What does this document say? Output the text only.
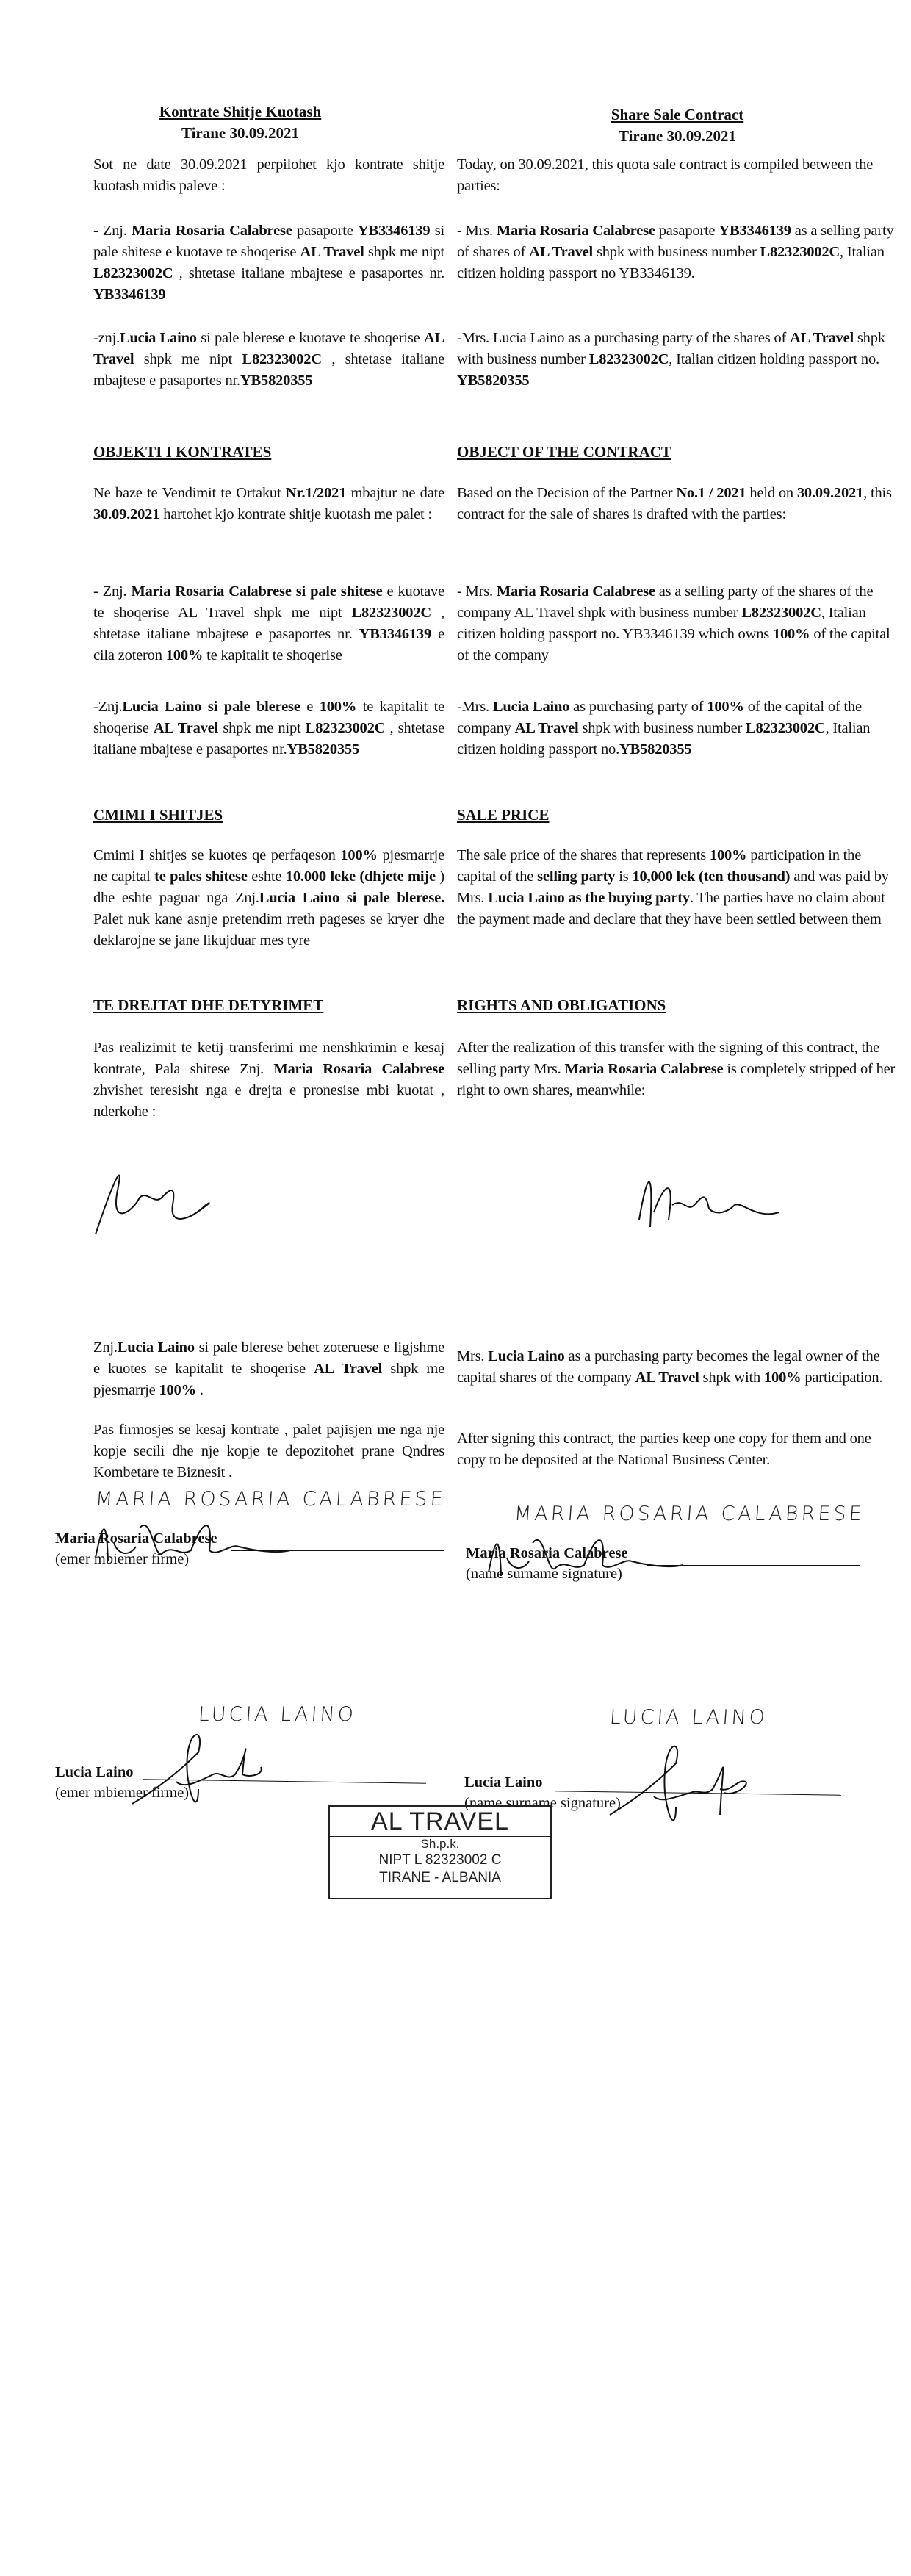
Kontrate Shitje Kuotash
Tirane 30.09.2021
Sot ne date 30.09.2021 perpilohet kjo kontrate shitje kuotash midis paleve :
- Znj. Maria Rosaria Calabrese pasaporte YB3346139 si pale shitese e kuotave te shoqerise AL Travel shpk me nipt L82323002C , shtetase italiane mbajtese e pasaportes nr. YB3346139
-znj.Lucia Laino si pale blerese e kuotave te shoqerise AL Travel shpk me nipt L82323002C , shtetase italiane mbajtese e pasaportes nr.YB5820355
OBJEKTI I KONTRATES
Ne baze te Vendimit te Ortakut Nr.1/2021 mbajtur ne date 30.09.2021 hartohet kjo kontrate shitje kuotash me palet :
- Znj. Maria Rosaria Calabrese si pale shitese e kuotave te shoqerise AL Travel shpk me nipt L82323002C , shtetase italiane mbajtese e pasaportes nr. YB3346139 e cila zoteron 100% te kapitalit te shoqerise
-Znj.Lucia Laino si pale blerese e 100% te kapitalit te shoqerise AL Travel shpk me nipt L82323002C , shtetase italiane mbajtese e pasaportes nr.YB5820355
CMIMI I SHITJES
Cmimi I shitjes se kuotes qe perfaqeson 100% pjesmarrje ne capital te pales shitese eshte 10.000 leke (dhjete mije ) dhe eshte paguar nga Znj.Lucia Laino si pale blerese. Palet nuk kane asnje pretendim rreth pageses se kryer dhe deklarojne se jane likujduar mes tyre
TE DREJTAT DHE DETYRIMET
Pas realizimit te ketij transferimi me nenshkrimin e kesaj kontrate, Pala shitese Znj. Maria Rosaria Calabrese zhvishet teresisht nga e drejta e pronesise mbi kuotat , nderkohe :
Znj.Lucia Laino si pale blerese behet zoteruese e ligjshme e kuotes se kapitalit te shoqerise AL Travel shpk me pjesmarrje 100% .
Pas firmosjes se kesaj kontrate , palet pajisjen me nga nje kopje secili dhe nje kopje te depozitohet prane Qndres Kombetare te Biznesit .
Share Sale Contract
Tirane 30.09.2021
Today, on 30.09.2021, this quota sale contract is compiled between the parties:
- Mrs. Maria Rosaria Calabrese pasaporte YB3346139 as a selling party of shares of AL Travel shpk with business number L82323002C, Italian citizen holding passport no YB3346139.
-Mrs. Lucia Laino as a purchasing party of the shares of AL Travel shpk with business number L82323002C, Italian citizen holding passport no. YB5820355
OBJECT OF THE CONTRACT
Based on the Decision of the Partner No.1 / 2021 held on 30.09.2021, this contract for the sale of shares is drafted with the parties:
- Mrs. Maria Rosaria Calabrese as a selling party of the shares of the company AL Travel shpk with business number L82323002C, Italian citizen holding passport no. YB3346139 which owns 100% of the capital of the company
-Mrs. Lucia Laino as purchasing party of 100% of the capital of the company AL Travel shpk with business number L82323002C, Italian citizen holding passport no.YB5820355
SALE PRICE
The sale price of the shares that represents 100% participation in the capital of the selling party is 10,000 lek (ten thousand) and was paid by Mrs. Lucia Laino as the buying party. The parties have no claim about the payment made and declare that they have been settled between them
RIGHTS AND OBLIGATIONS
After the realization of this transfer with the signing of this contract, the selling party Mrs. Maria Rosaria Calabrese is completely stripped of her right to own shares, meanwhile:
Mrs. Lucia Laino as a purchasing party becomes the legal owner of the capital shares of the company AL Travel shpk with 100% participation.
After signing this contract, the parties keep one copy for them and one copy to be deposited at the National Business Center.
MARIA ROSARIA CALABRESE
Maria Rosaria Calabrese
(emer mbiemer firme)
MARIA ROSARIA CALABRESE
Maria Rosaria Calabrese
(name surname signature)
LUCIA LAINO
Lucia Laino
(emer mbiemer firme)
LUCIA LAINO
Lucia Laino
(name surname signature)
AL TRAVEL
Sh.p.k.
NIPT L 82323002 C
TIRANE - ALBANIA
